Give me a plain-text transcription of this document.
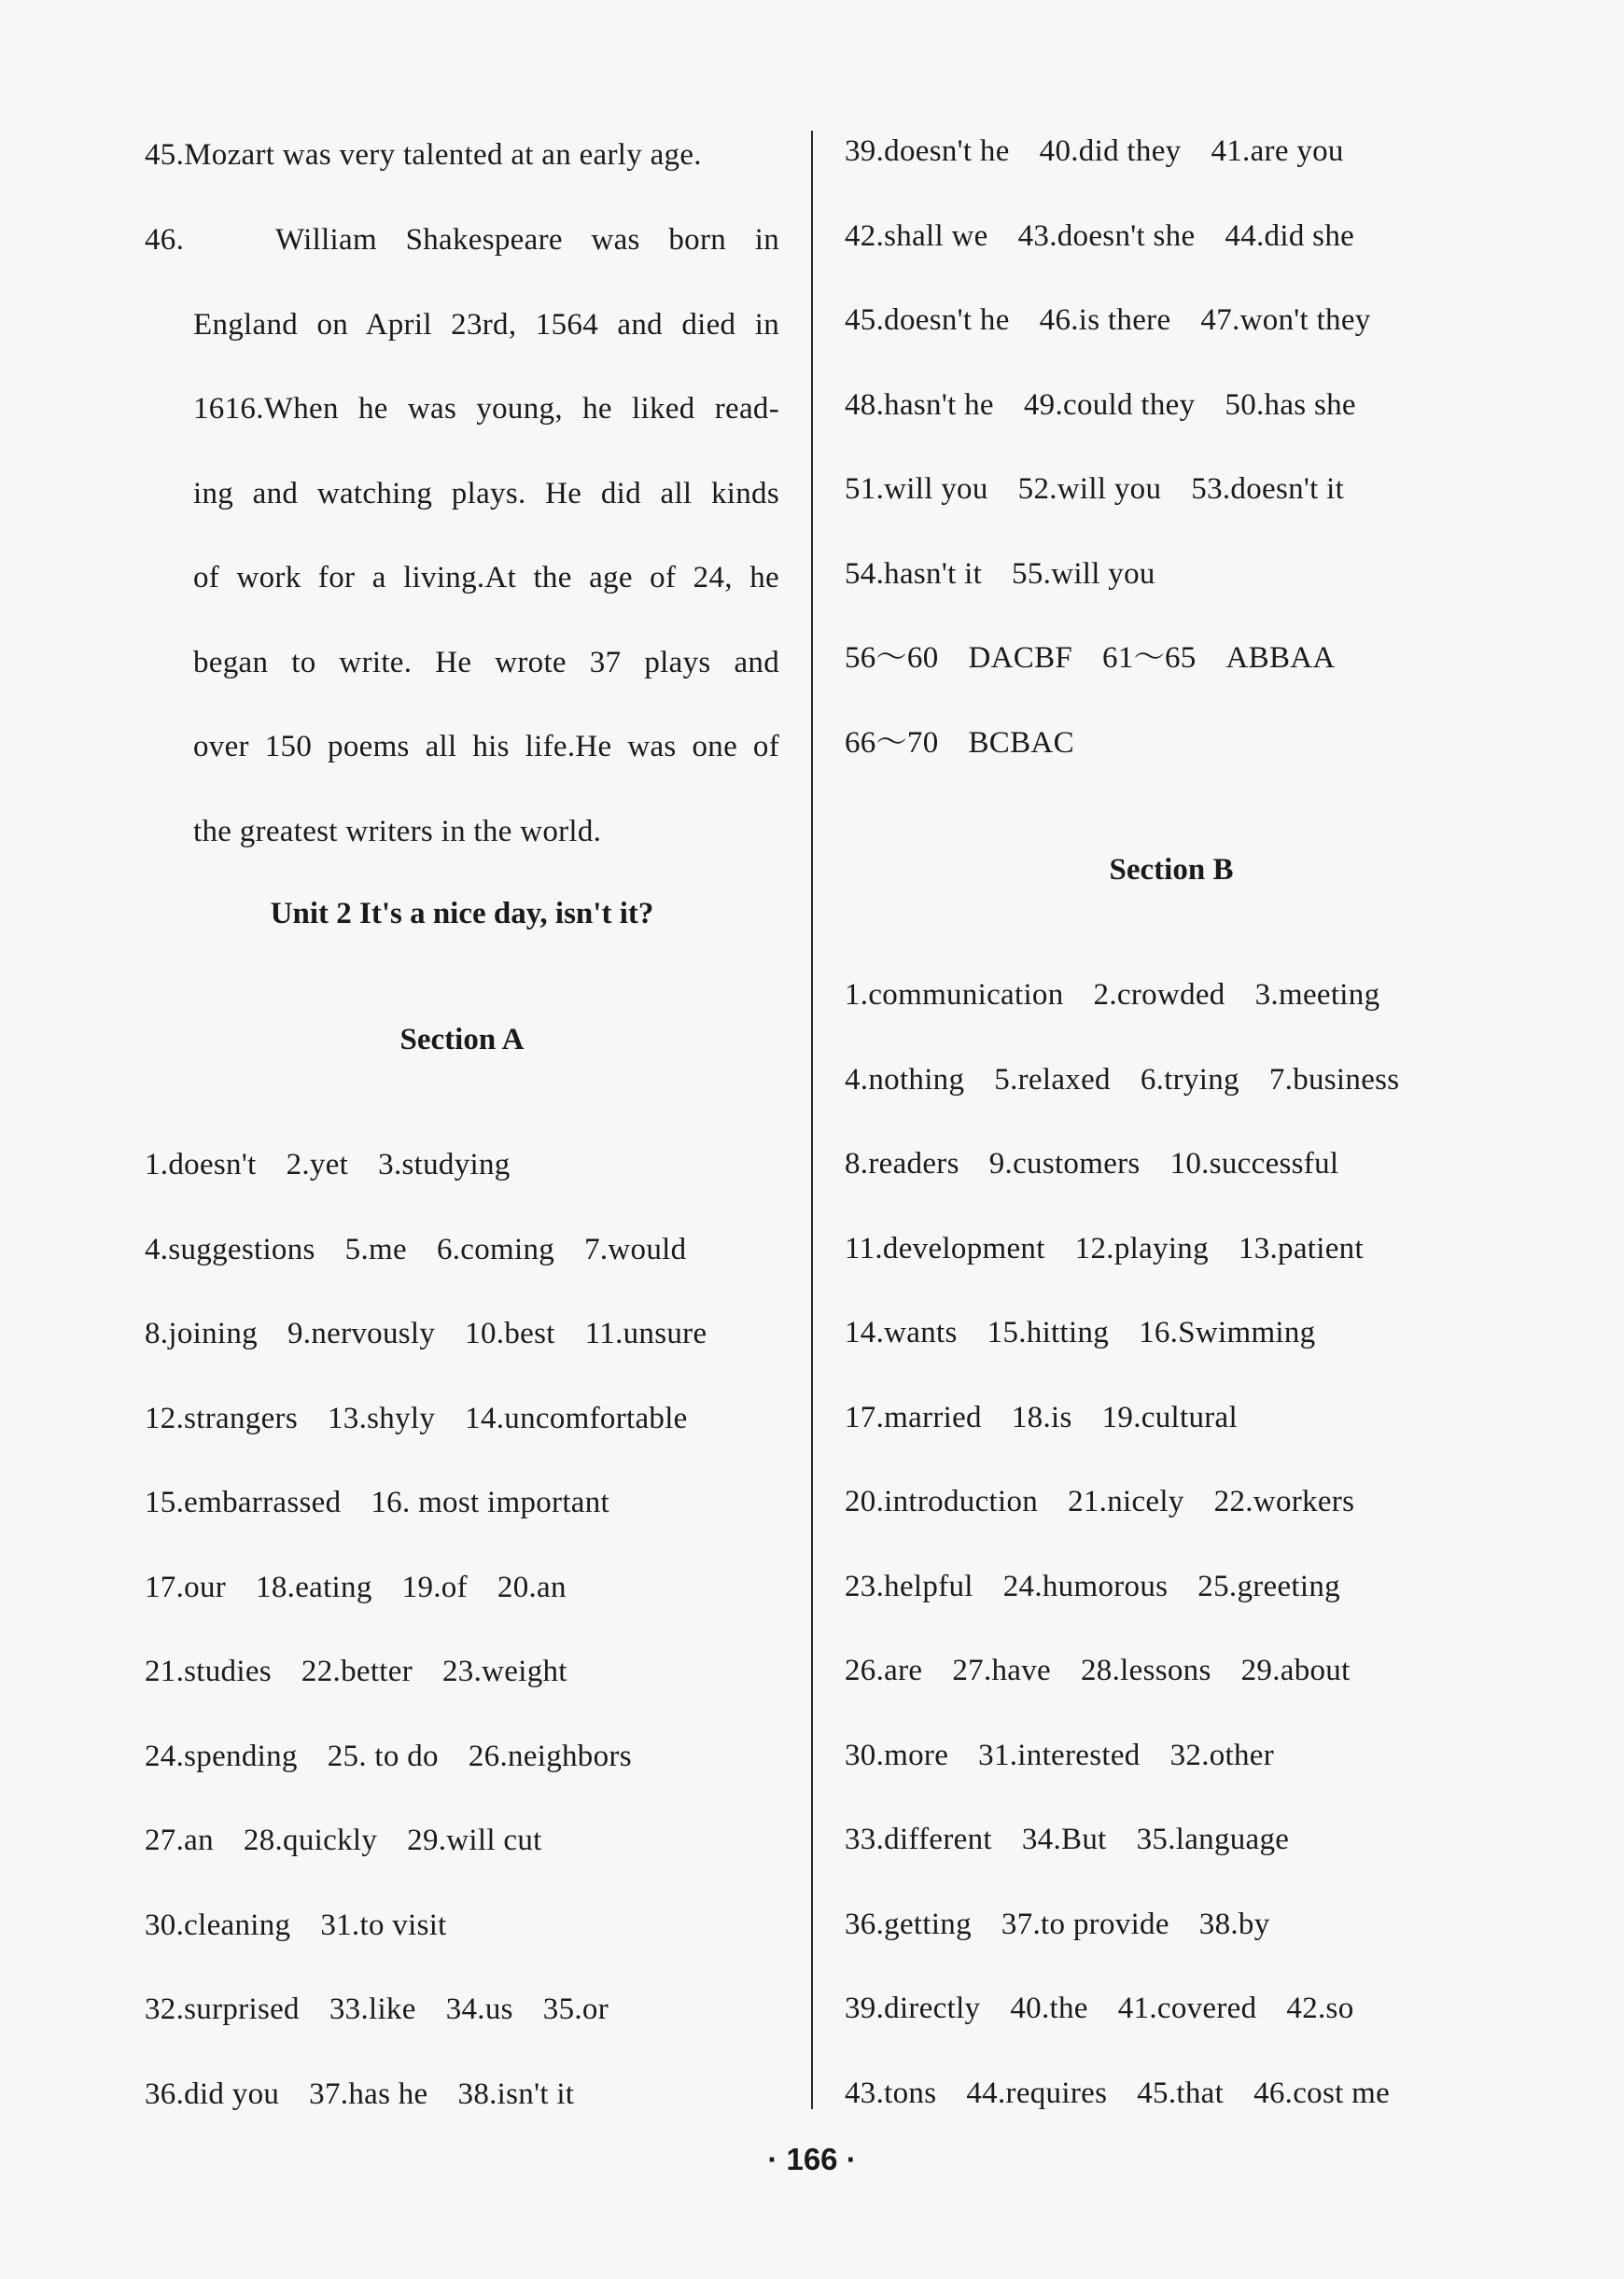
45.Mozart was very talented at an early age.
46.	William Shakespeare was born in
England on April 23rd, 1564 and died in
1616.When he was young, he liked read-
ing and watching plays. He did all kinds
of work for a living.At the age of 24, he
began to write. He wrote 37 plays and
over 150 poems all his life.He was one of
the greatest writers in the world.
Unit 2 It's a nice day, isn't it?
Section A
1.doesn't 2.yet 3.studying
4.suggestions 5.me 6.coming 7.would
8.joining 9.nervously 10.best 11.unsure
12.strangers 13.shyly 14.uncomfortable
15.embarrassed 16. most important
17.our 18.eating 19.of 20.an
21.studies 22.better 23.weight
24.spending 25. to do 26.neighbors
27.an 28.quickly 29.will cut
30.cleaning 31.to visit
32.surprised 33.like 34.us 35.or
36.did you 37.has he 38.isn't it
39.doesn't he 40.did they 41.are you
42.shall we 43.doesn't she 44.did she
45.doesn't he 46.is there 47.won't they
48.hasn't he 49.could they 50.has she
51.will you 52.will you 53.doesn't it
54.hasn't it 55.will you
56～60 DACBF 61～65 ABBAA
66～70 BCBAC
Section B
1.communication 2.crowded 3.meeting
4.nothing 5.relaxed 6.trying 7.business
8.readers 9.customers 10.successful
11.development 12.playing 13.patient
14.wants 15.hitting 16.Swimming
17.married 18.is 19.cultural
20.introduction 21.nicely 22.workers
23.helpful 24.humorous 25.greeting
26.are 27.have 28.lessons 29.about
30.more 31.interested 32.other
33.different 34.But 35.language
36.getting 37.to provide 38.by
39.directly 40.the 41.covered 42.so
43.tons 44.requires 45.that 46.cost me
· 166 ·
